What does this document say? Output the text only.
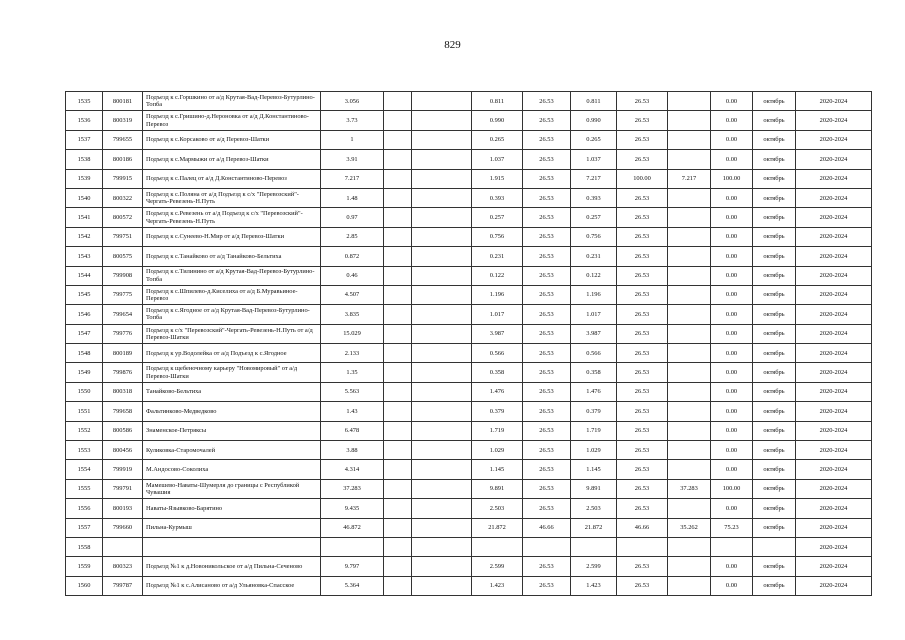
829
1535	800181	Подъезд к с.Горшкино от а/д Крутая-Вад-Перевоз-Бутурлино-Топба	3.056			0.811	26.53	0.811	26.53		0.00	октябрь	2020-2024
1536	800319	Подъезд к с.Гришино-д.Нероновка от а/д Д.Константиново-Перевоз	3.73			0.990	26.53	0.990	26.53		0.00	октябрь	2020-2024
1537	799655	Подъезд к с.Корсаково от а/д Перевоз-Шатки	1			0.265	26.53	0.265	26.53		0.00	октябрь	2020-2024
1538	800186	Подъезд к с.Мармыжи от а/д Перевоз-Шатки	3.91			1.037	26.53	1.037	26.53		0.00	октябрь	2020-2024
1539	799915	Подъезд к с.Палец от а/д Д.Константиново-Перевоз	7.217			1.915	26.53	7.217	100.00	7.217	100.00	октябрь	2020-2024
1540	800322	Подъезд к с.Поляна от а/д Подъезд к с/х "Перевозский"-Чергать-Ревезень-Н.Путь	1.48			0.393	26.53	0.393	26.53		0.00	октябрь	2020-2024
1541	800572	Подъезд к с.Ревезень от а/д Подъезд к с/х "Перевозский"-Чергать-Ревезень-Н.Путь	0.97			0.257	26.53	0.257	26.53		0.00	октябрь	2020-2024
1542	799751	Подъезд к с.Сунеево-Н.Мир от а/д Перевоз-Шатки	2.85			0.756	26.53	0.756	26.53		0.00	октябрь	2020-2024
1543	800575	Подъезд к с.Танайково от а/д Танайково-Бельтиха	0.872			0.231	26.53	0.231	26.53		0.00	октябрь	2020-2024
1544	799908	Подъезд к с.Тилинино от а/д Крутая-Вад-Перевоз-Бутурлино-Топба	0.46			0.122	26.53	0.122	26.53		0.00	октябрь	2020-2024
1545	799775	Подъезд к с.Шпилево-д.Киселиха от а/д Б.Муравьиное-Перевоз	4.507			1.196	26.53	1.196	26.53		0.00	октябрь	2020-2024
1546	799654	Подъезд к с.Ягодное от а/д Крутая-Вад-Перевоз-Бутурлино-Топба	3.835			1.017	26.53	1.017	26.53		0.00	октябрь	2020-2024
1547	799776	Подъезд к с/х "Перевозский"-Чергать-Ревезень-Н.Путь от а/д Перевоз-Шатки	15.029			3.987	26.53	3.987	26.53		0.00	октябрь	2020-2024
1548	800189	Подъезд к ур.Водолейка от а/д Подъезд к с.Ягодное	2.133			0.566	26.53	0.566	26.53		0.00	октябрь	2020-2024
1549	799876	Подъезд к щебеночному карьеру "Новомировый" от а/д Перевоз-Шатки	1.35			0.358	26.53	0.358	26.53		0.00	октябрь	2020-2024
1550	800318	Танайково-Бельтиха	5.563			1.476	26.53	1.476	26.53		0.00	октябрь	2020-2024
1551	799658	Фальтинково-Медведково	1.43			0.379	26.53	0.379	26.53		0.00	октябрь	2020-2024
1552	800586	Знаменское-Петряксы	6.478			1.719	26.53	1.719	26.53		0.00	октябрь	2020-2024
1553	800456	Куликовка-Старомочалей	3.88			1.029	26.53	1.029	26.53		0.00	октябрь	2020-2024
1554	799919	М.Андосово-Соколиха	4.314			1.145	26.53	1.145	26.53		0.00	октябрь	2020-2024
1555	799791	Мамешево-Наваты-Шумерля до границы с Республикой Чувашия	37.283			9.891	26.53	9.891	26.53	37.283	100.00	октябрь	2020-2024
1556	800193	Наваты-Язывково-Барятино	9.435			2.503	26.53	2.503	26.53		0.00	октябрь	2020-2024
1557	799660	Пильна-Курмыш	46.872			21.872	46.66	21.872	46.66	35.262	75.23	октябрь	2020-2024
1558													2020-2024
1559	800323	Подъезд №1 к д.Новоникольское от а/д Пильна-Сеченово	9.797			2.599	26.53	2.599	26.53		0.00	октябрь	2020-2024
1560	799787	Подъезд №1 к с.Алисаново от а/д Ульяновка-Спасское	5.364			1.423	26.53	1.423	26.53		0.00	октябрь	2020-2024
